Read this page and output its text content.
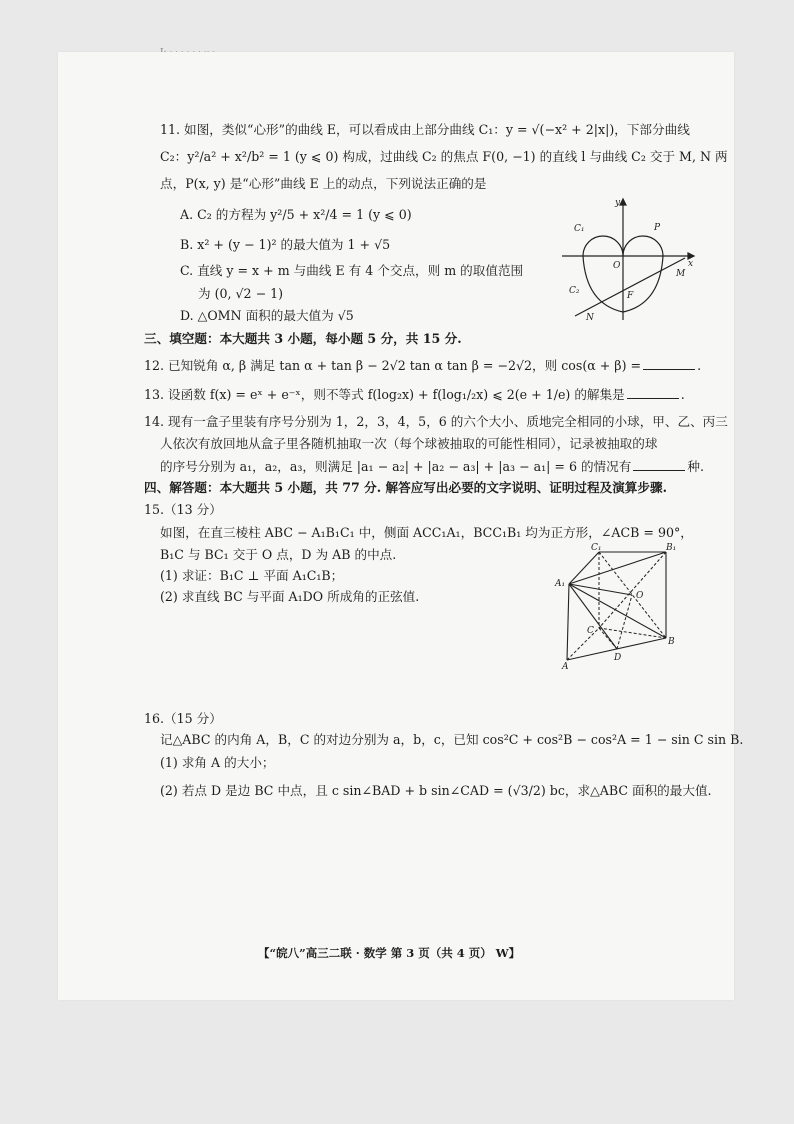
11. 如图，类似“心形”的曲线 E，可以看成由上部分曲线 C₁：y = √(−x² + 2|x|)，下部分曲线
C₂：y²/a² + x²/b² = 1 (y ⩽ 0) 构成，过曲线 C₂ 的焦点 F(0, −1) 的直线 l 与曲线 C₂ 交于 M, N 两
点，P(x, y) 是“心形”曲线 E 上的动点，下列说法正确的是
A. C₂ 的方程为 y²/5 + x²/4 = 1 (y ⩽ 0)
B. x² + (y − 1)² 的最大值为 1 + √5
C. 直线 y = x + m 与曲线 E 有 4 个交点，则 m 的取值范围
为 (0, √2 − 1)
D. △OMN 面积的最大值为 √5
y
x
O
P
C₁
C₂
M
N
F
三、填空题：本大题共 3 小题，每小题 5 分，共 15 分.
12. 已知锐角 α, β 满足 tan α + tan β − 2√2 tan α tan β = −2√2，则 cos(α + β) =	.
13. 设函数 f(x) = eˣ + e⁻ˣ，则不等式 f(log₂x) + f(log₁/₂x) ⩽ 2(e + 1/e) 的解集是	.
14. 现有一盒子里装有序号分别为 1，2，3，4，5，6 的六个大小、质地完全相同的小球，甲、乙、丙三
人依次有放回地从盒子里各随机抽取一次（每个球被抽取的可能性相同），记录被抽取的球
的序号分别为 a₁，a₂，a₃，则满足 |a₁ − a₂| + |a₂ − a₃| + |a₃ − a₁| = 6 的情况有	种.
四、解答题：本大题共 5 小题，共 77 分. 解答应写出必要的文字说明、证明过程及演算步骤.
15.（13 分）
如图，在直三棱柱 ABC − A₁B₁C₁ 中，侧面 ACC₁A₁，BCC₁B₁ 均为正方形，∠ACB = 90°，
B₁C 与 BC₁ 交于 O 点，D 为 AB 的中点.
(1) 求证：B₁C ⊥ 平面 A₁C₁B；
(2) 求直线 BC 与平面 A₁DO 所成角的正弦值.
C₁	B₁
A₁
O
C
B
D
A
16.（15 分）
记△ABC 的内角 A，B，C 的对边分别为 a，b，c，已知 cos²C + cos²B − cos²A = 1 − sin C sin B.
(1) 求角 A 的大小；
(2) 若点 D 是边 BC 中点，且 c sin∠BAD + b sin∠CAD = (√3/2) bc，求△ABC 面积的最大值.
【“皖八”高三二联 · 数学 第 3 页（共 4 页） W】
